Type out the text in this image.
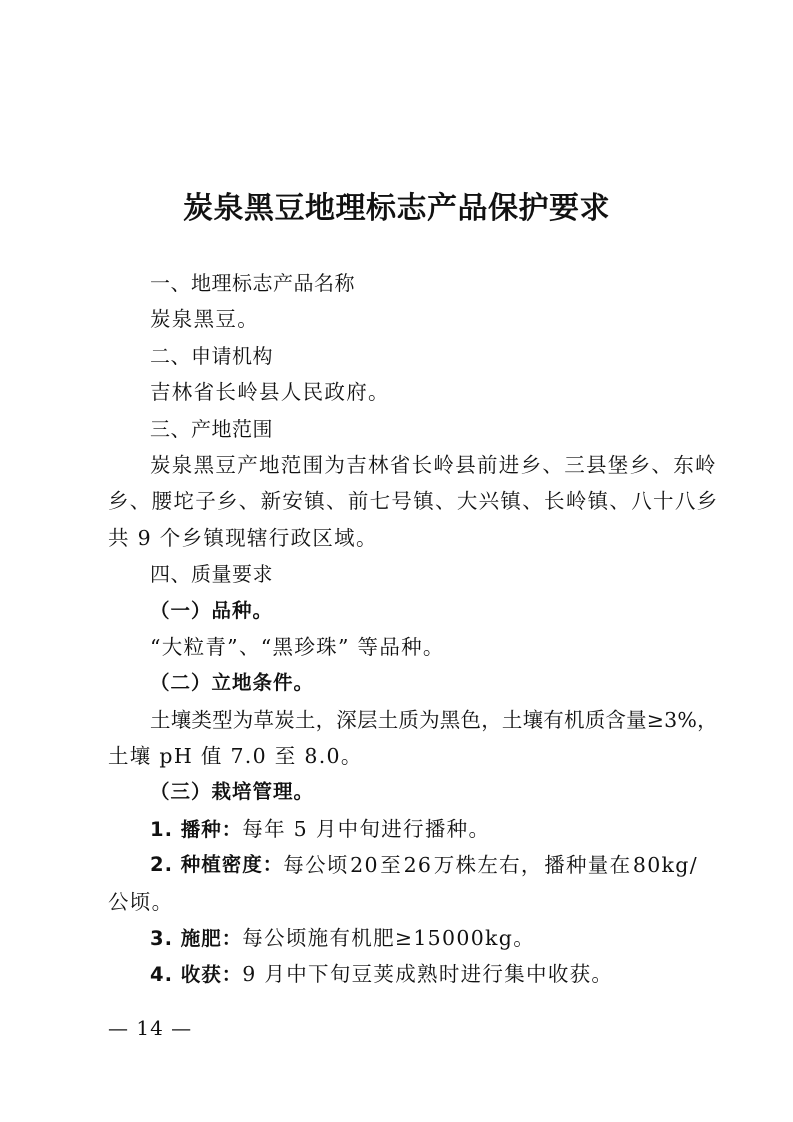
炭泉黑豆地理标志产品保护要求
一、地理标志产品名称
炭泉黑豆。
二、申请机构
吉林省长岭县人民政府。
三、产地范围
炭泉黑豆产地范围为吉林省长岭县前进乡、 三县堡乡、 东岭
乡、 腰坨子乡、 新安镇、 前七号镇、 大兴镇、 长岭镇、 八十八乡
共 9 个乡镇现辖行政区域。
四、质量要求
（一）品种。
“大粒青”、“黑珍珠” 等品种。
（二）立地条件。
土壤类型为草炭土，深层土质为黑色，土壤有机质含量≥3%，
土壤 pH 值 7.0 至 8.0。
（三）栽培管理。
1. 播种：每年 5 月中旬进行播种。
2. 种植密度： 每公顷 20 至 26 万株左右， 播种量在 80kg/
公顷。
3. 施肥：每公顷施有机肥≥15000kg。
4. 收获：9 月中下旬豆荚成熟时进行集中收获。
— 14 —
